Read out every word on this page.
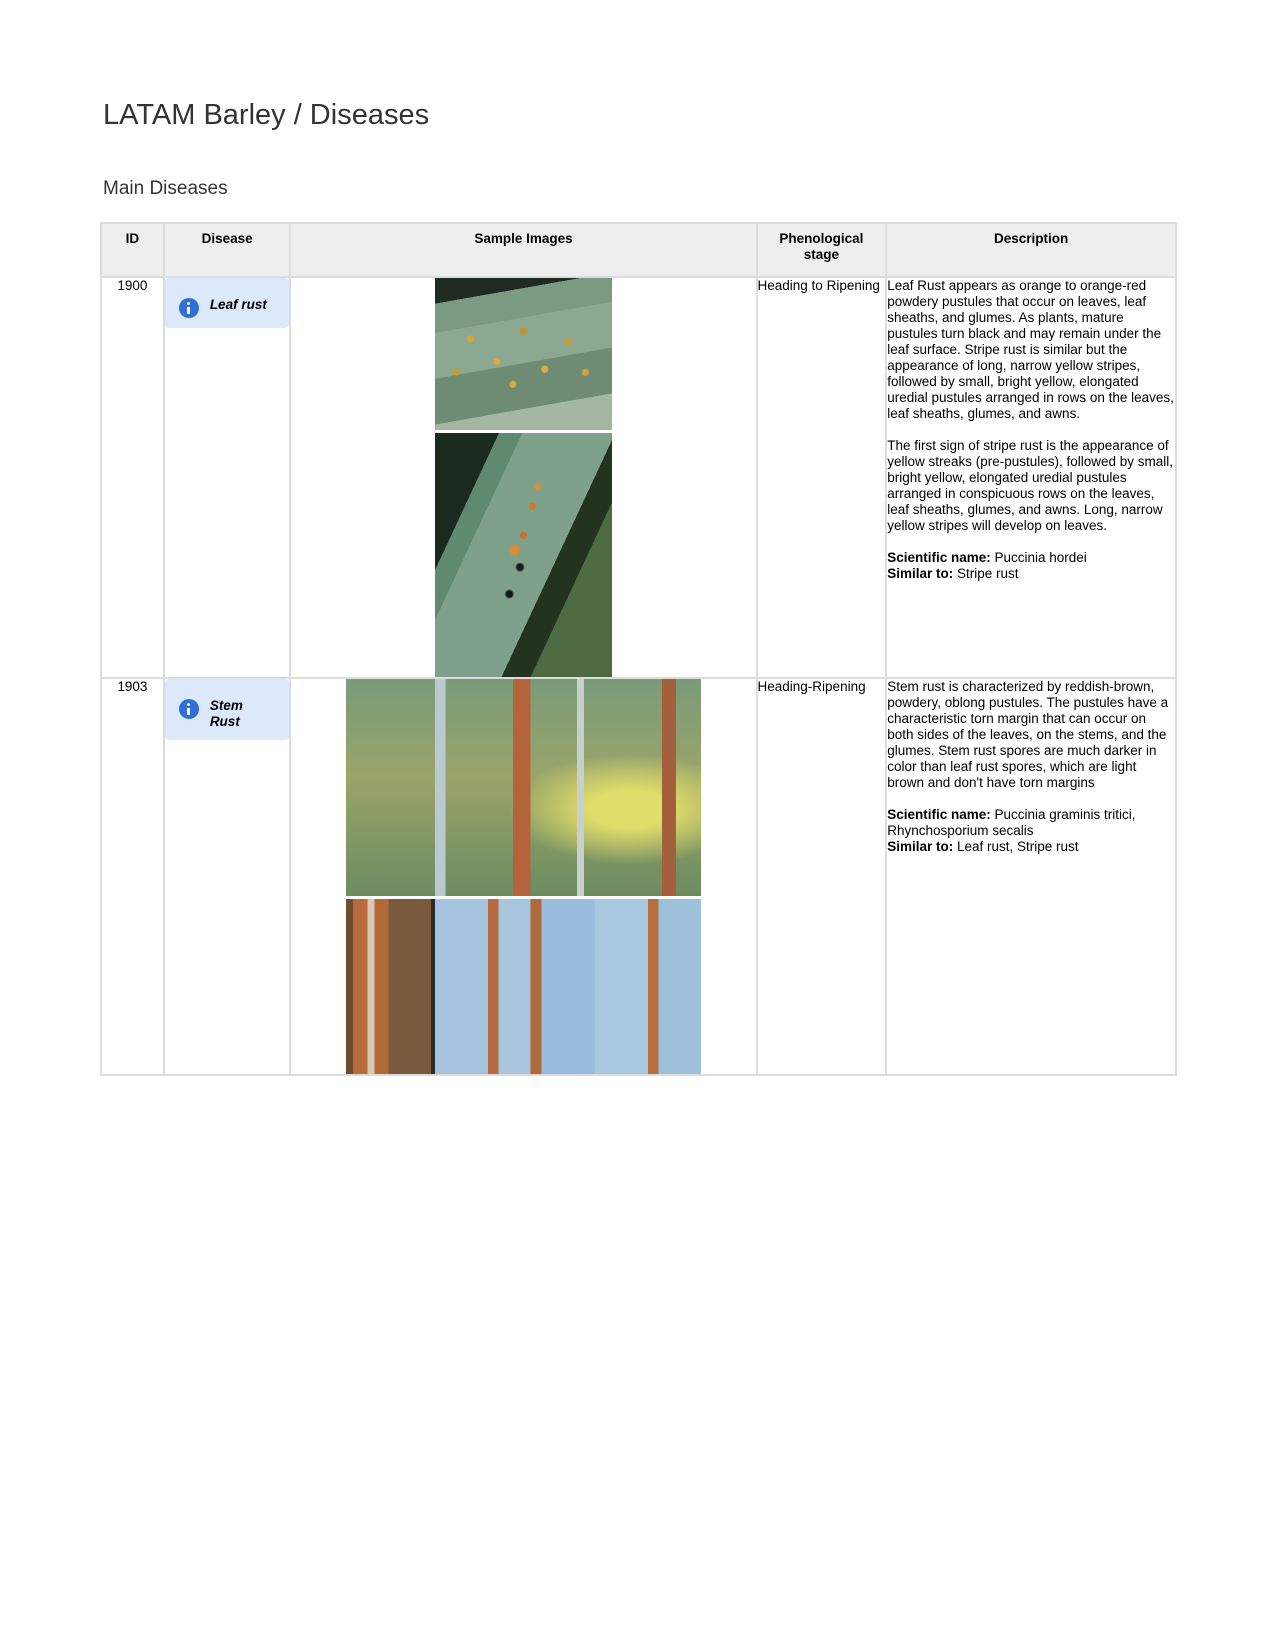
LATAM Barley / Diseases
Main Diseases
ID	Disease	Sample Images	Phenological stage	Description
1900	Leaf rust		Heading to Ripening	Leaf Rust appears as orange to orange-red powdery pustules that occur on leaves, leaf sheaths, and glumes. As plants, mature pustules turn black and may remain under the leaf surface. Stripe rust is similar but the appearance of long, narrow yellow stripes, followed by small, bright yellow, elongated uredial pustules arranged in rows on the leaves, leaf sheaths, glumes, and awns.

The first sign of stripe rust is the appearance of yellow streaks (pre-pustules), followed by small, bright yellow, elongated uredial pustules arranged in conspicuous rows on the leaves, leaf sheaths, glumes, and awns. Long, narrow yellow stripes will develop on leaves.

Scientific name: Puccinia hordei

Similar to: Stripe rust

1903	Stem Rust		Heading-Ripening	Stem rust is characterized by reddish-brown, powdery, oblong pustules. The pustules have a characteristic torn margin that can occur on both sides of the leaves, on the stems, and the glumes. Stem rust spores are much darker in color than leaf rust spores, which are light brown and don't have torn margins

Scientific name: Puccinia graminis tritici, Rhynchosporium secalis

Similar to: Leaf rust, Stripe rust
